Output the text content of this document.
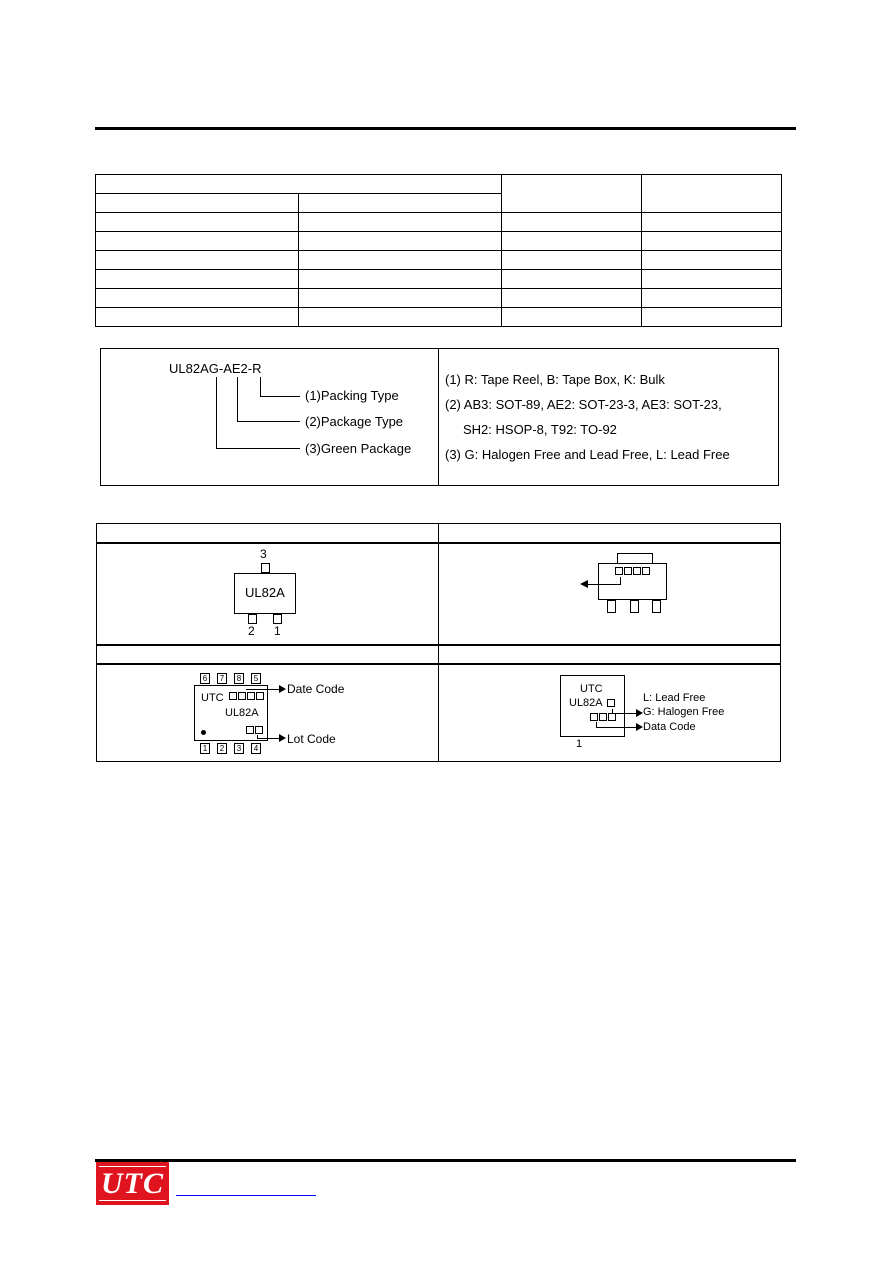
UL82AG-AE2-R
(1)Packing Type
(2)Package Type
(3)Green Package
(1) R: Tape Reel, B: Tape Box, K: Bulk
(2) AB3: SOT-89, AE2: SOT-23-3, AE3: SOT-23,
SH2: HSOP-8, T92: TO-92
(3) G: Halogen Free and Lead Free, L: Lead Free
3
UL82A
2 1
6	7	8	5
UTC
UL82A
1	2	3	4
Date Code
Lot Code
UTC
UL82A	L: Lead Free
G: Halogen Free
Data Code
1
UTC
